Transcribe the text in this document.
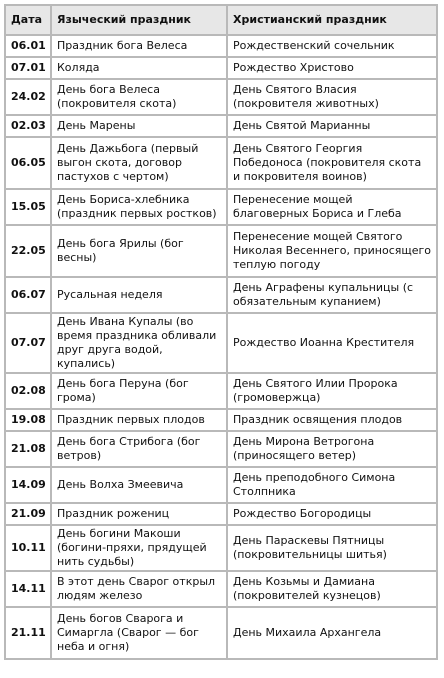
Дата	Языческий праздник	Христианский праздник
06.01	Праздник бога Велеса	Рождественский сочельник
07.01	Коляда	Рождество Христово
24.02	День бога Велеса (покровителя скота)	День Святого Власия (покровителя животных)
02.03	День Марены	День Святой Марианны
06.05	День Дажьбога (первый выгон скота, договор пастухов с чертом)	День Святого Георгия Победоноса (покровителя скота и покровителя воинов)
15.05	День Бориса-хлебника (праздник первых ростков)	Перенесение мощей благоверных Бориса и Глеба
22.05	День бога Ярилы (бог весны)	Перенесение мощей Святого Николая Весеннего, приносящего теплую погоду
06.07	Русальная неделя	День Аграфены купальницы (с обязательным купанием)
07.07	День Ивана Купалы (во время праздника обливали друг друга водой, купались)	Рождество Иоанна Крестителя
02.08	День бога Перуна (бог грома)	День Святого Илии Пророка (громовержца)
19.08	Праздник первых плодов	Праздник освящения плодов
21.08	День бога Стрибога (бог ветров)	День Мирона Ветрогона (приносящего ветер)
14.09	День Волха Змеевича	День преподобного Симона Столпника
21.09	Праздник рожениц	Рождество Богородицы
10.11	День богини Макоши (богини-пряхи, прядущей нить судьбы)	День Параскевы Пятницы (покровительницы шитья)
14.11	В этот день Сварог открыл людям железо	День Козьмы и Дамиана (покровителей кузнецов)
21.11	День богов Сварога и Симаргла (Сварог — бог неба и огня)	День Михаила Архангела
